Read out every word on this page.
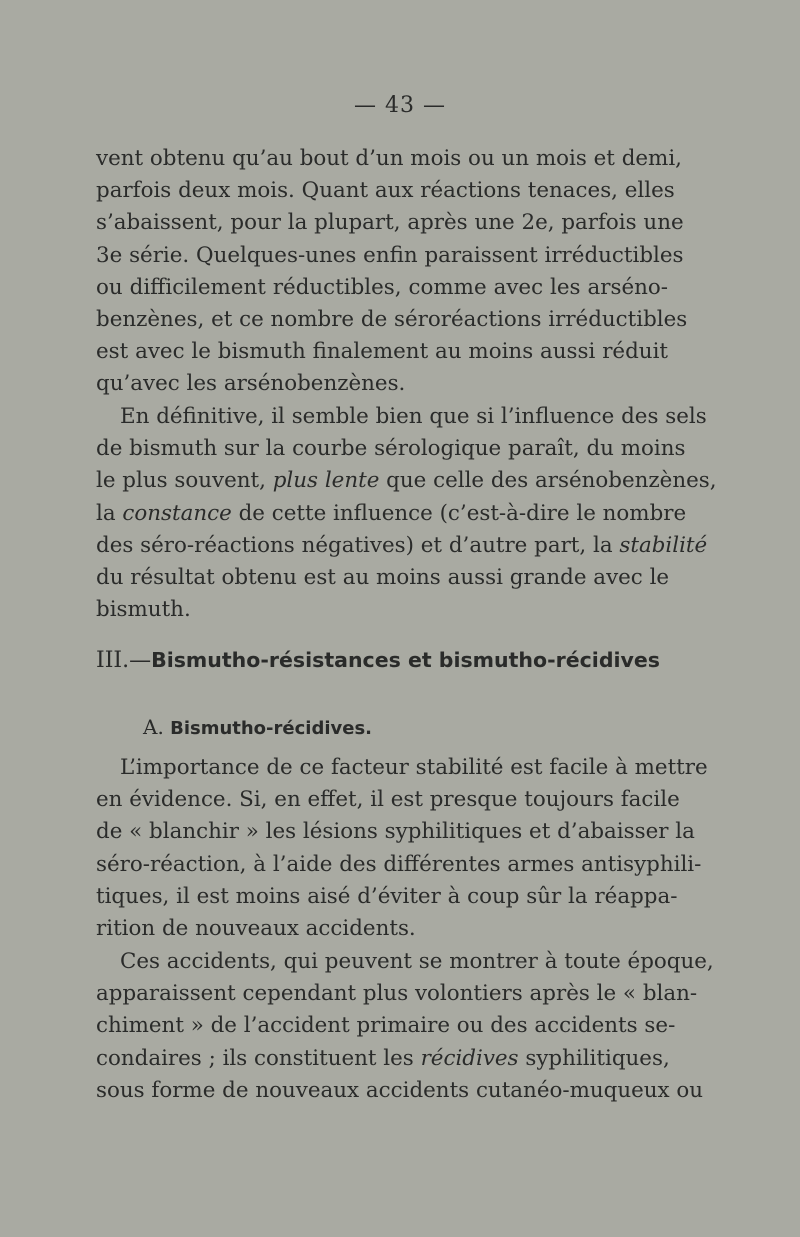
— 43 —
vent obtenu qu’au bout d’un mois ou un mois et demi,
parfois deux mois. Quant aux réactions tenaces, elles
s’abaissent, pour la plupart, après une 2e, parfois une
3e série. Quelques-unes enfin paraissent irréductibles
ou difficilement réductibles, comme avec les arséno-
benzènes, et ce nombre de séroréactions irréductibles
est avec le bismuth finalement au moins aussi réduit
qu’avec les arsénobenzènes.
En définitive, il semble bien que si l’influence des sels
de bismuth sur la courbe sérologique paraît, du moins
le plus souvent, plus lente que celle des arsénobenzènes,
la constance de cette influence (c’est-à-dire le nombre
des séro-réactions négatives) et d’autre part, la stabilité
du résultat obtenu est au moins aussi grande avec le
bismuth.
III.—Bismutho-résistances et bismutho-récidives
A. Bismutho-récidives.
L’importance de ce facteur stabilité est facile à mettre
en évidence. Si, en effet, il est presque toujours facile
de « blanchir » les lésions syphilitiques et d’abaisser la
séro-réaction, à l’aide des différentes armes antisyphili-
tiques, il est moins aisé d’éviter à coup sûr la réappa-
rition de nouveaux accidents.
Ces accidents, qui peuvent se montrer à toute époque,
apparaissent cependant plus volontiers après le « blan-
chiment » de l’accident primaire ou des accidents se-
condaires ; ils constituent les récidives syphilitiques,
sous forme de nouveaux accidents cutanéo-muqueux ou
